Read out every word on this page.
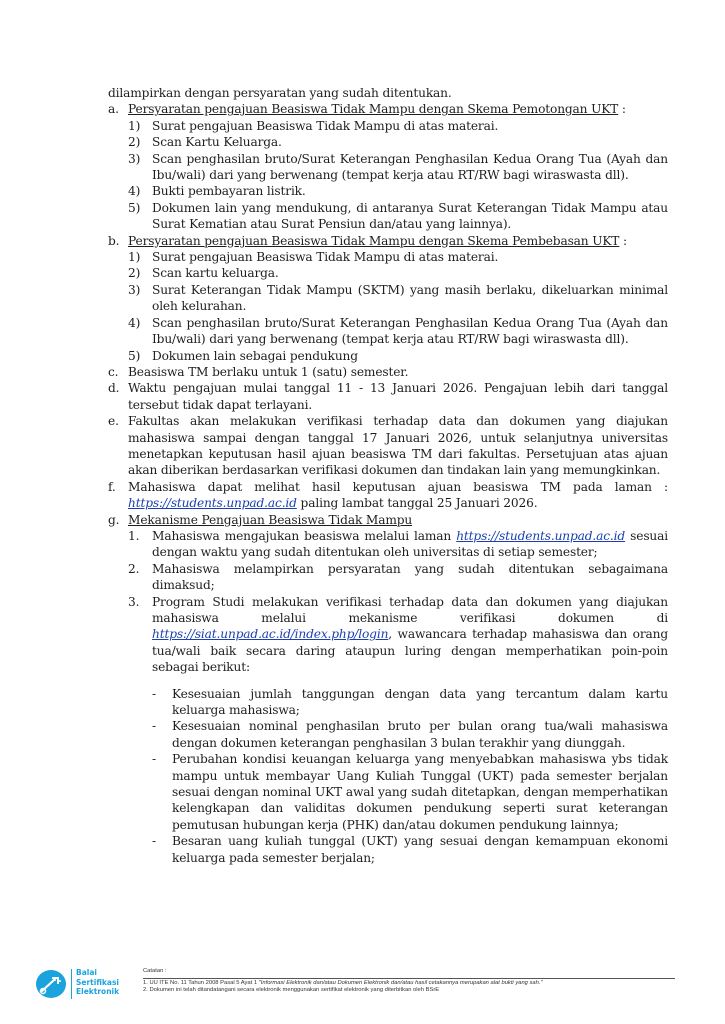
dilampirkan dengan persyaratan yang sudah ditentukan.
a. Persyaratan pengajuan Beasiswa Tidak Mampu dengan Skema Pemotongan UKT :
1) Surat pengajuan Beasiswa Tidak Mampu di atas materai.
2) Scan Kartu Keluarga.
3) Scan penghasilan bruto/Surat Keterangan Penghasilan Kedua Orang Tua (Ayah dan Ibu/wali) dari yang berwenang (tempat kerja atau RT/RW bagi wiraswasta dll).
4) Bukti pembayaran listrik.
5) Dokumen lain yang mendukung, di antaranya Surat Keterangan Tidak Mampu atau Surat Kematian atau Surat Pensiun dan/atau yang lainnya).
b. Persyaratan pengajuan Beasiswa Tidak Mampu dengan Skema Pembebasan UKT :
1) Surat pengajuan Beasiswa Tidak Mampu di atas materai.
2) Scan kartu keluarga.
3) Surat Keterangan Tidak Mampu (SKTM) yang masih berlaku, dikeluarkan minimal oleh kelurahan.
4) Scan penghasilan bruto/Surat Keterangan Penghasilan Kedua Orang Tua (Ayah dan Ibu/wali) dari yang berwenang (tempat kerja atau RT/RW bagi wiraswasta dll).
5) Dokumen lain sebagai pendukung
c. Beasiswa TM berlaku untuk 1 (satu) semester.
d. Waktu pengajuan mulai tanggal 11 - 13 Januari 2026. Pengajuan lebih dari tanggal tersebut tidak dapat terlayani.
e. Fakultas akan melakukan verifikasi terhadap data dan dokumen yang diajukan mahasiswa sampai dengan tanggal 17 Januari 2026, untuk selanjutnya universitas menetapkan keputusan hasil ajuan beasiswa TM dari fakultas. Persetujuan atas ajuan akan diberikan berdasarkan verifikasi dokumen dan tindakan lain yang memungkinkan.
f.	Mahasiswa dapat melihat hasil keputusan ajuan beasiswa TM pada laman : https://students.unpad.ac.id paling lambat tanggal 25 Januari 2026.
g. Mekanisme Pengajuan Beasiswa Tidak Mampu
1.	Mahasiswa mengajukan beasiswa melalui laman https://students.unpad.ac.id sesuai dengan waktu yang sudah ditentukan oleh universitas di setiap semester;
2.	Mahasiswa melampirkan persyaratan yang sudah ditentukan sebagaimana dimaksud;
3.	Program Studi melakukan verifikasi terhadap data dan dokumen yang diajukan mahasiswa melalui mekanisme verifikasi dokumen di https://siat.unpad.ac.id/index.php/login, wawancara terhadap mahasiswa dan orang tua/wali baik secara daring ataupun luring dengan memperhatikan poin-poin sebagai berikut:
-	Kesesuaian jumlah tanggungan dengan data yang tercantum dalam kartu keluarga mahasiswa;
-	Kesesuaian nominal penghasilan bruto per bulan orang tua/wali mahasiswa dengan dokumen keterangan penghasilan 3 bulan terakhir yang diunggah.
-	Perubahan kondisi keuangan keluarga yang menyebabkan mahasiswa ybs tidak mampu untuk membayar Uang Kuliah Tunggal (UKT) pada semester berjalan sesuai dengan nominal UKT awal yang sudah ditetapkan, dengan memperhatikan kelengkapan dan validitas dokumen pendukung seperti surat keterangan pemutusan hubungan kerja (PHK) dan/atau dokumen pendukung lainnya;
-	Besaran uang kuliah tunggal (UKT) yang sesuai dengan kemampuan ekonomi keluarga pada semester berjalan;
Balai
Sertifikasi
Elektronik
Catatan :
1. UU ITE No. 11 Tahun 2008 Pasal 5 Ayat 1 "Informasi Elektronik dan/atau Dokumen Elektronik dan/atau hasil cetakannya merupakan alat bukti yang sah."
2. Dokumen ini telah ditandatangani secara elektronik menggunakan sertifikat elektronik yang diterbitkan oleh BSrE
